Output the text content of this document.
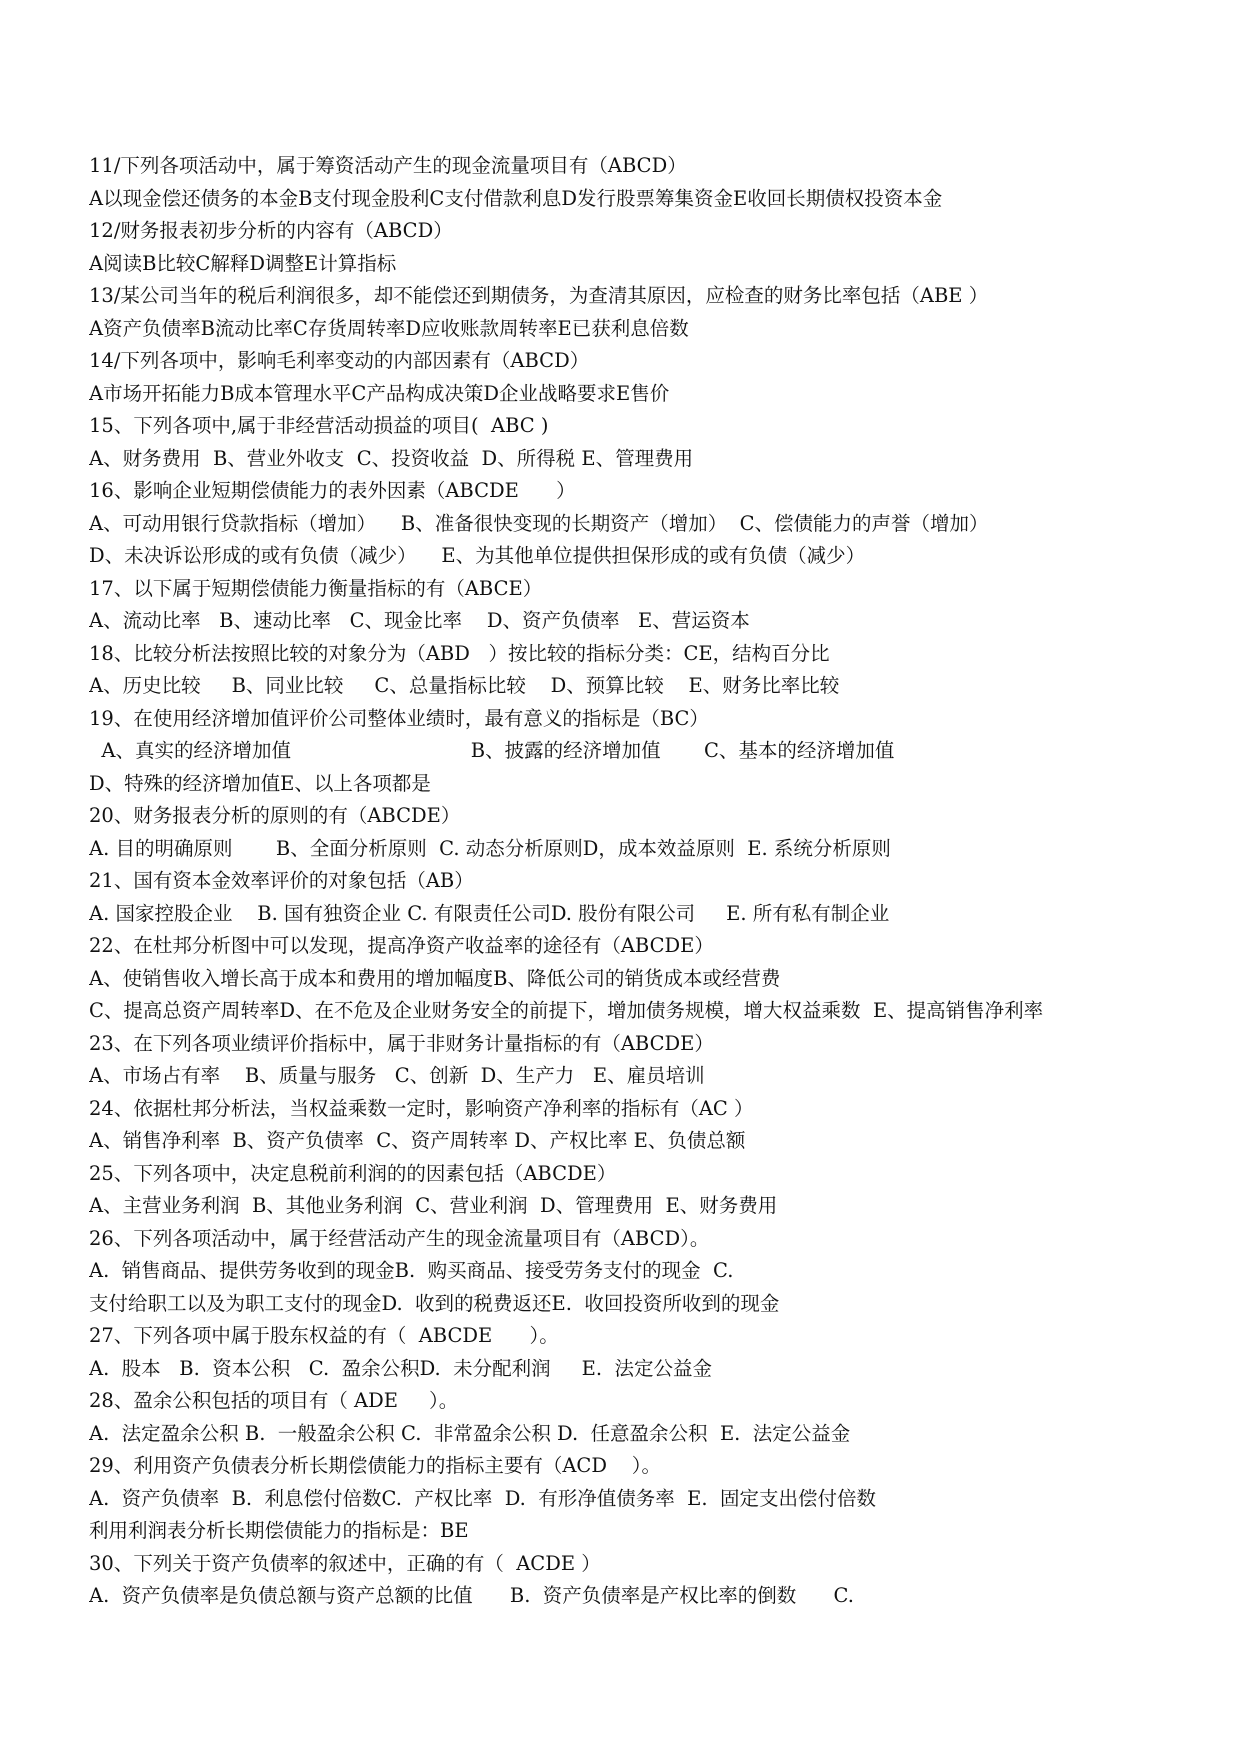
11/下列各项活动中，属于筹资活动产生的现金流量项目有（ABCD）
A以现金偿还债务的本金B支付现金股利C支付借款利息D发行股票筹集资金E收回长期债权投资本金
12/财务报表初步分析的内容有（ABCD）
A阅读B比较C解释D调整E计算指标
13/某公司当年的税后利润很多，却不能偿还到期债务，为查清其原因，应检查的财务比率包括（ABE ）
A资产负债率B流动比率C存货周转率D应收账款周转率E已获利息倍数
14/下列各项中，影响毛利率变动的内部因素有（ABCD）
A市场开拓能力B成本管理水平C产品构成决策D企业战略要求E售价
15、下列各项中,属于非经营活动损益的项目(  ABC )
A、财务费用  B、营业外收支  C、投资收益  D、所得税 E、管理费用
16、影响企业短期偿债能力的表外因素（ABCDE      ）
A、可动用银行贷款指标（增加）    B、准备很快变现的长期资产（增加）  C、偿债能力的声誉（增加）
D、未决诉讼形成的或有负债（减少）    E、为其他单位提供担保形成的或有负债（减少）
17、以下属于短期偿债能力衡量指标的有（ABCE）
A、流动比率   B、速动比率   C、现金比率    D、资产负债率   E、营运资本
18、比较分析法按照比较的对象分为（ABD   ）按比较的指标分类：CE，结构百分比
A、历史比较     B、同业比较     C、总量指标比较    D、预算比较    E、财务比率比较
19、在使用经济增加值评价公司整体业绩时，最有意义的指标是（BC）
A、真实的经济增加值                             B、披露的经济增加值       C、基本的经济增加值
D、特殊的经济增加值E、以上各项都是
20、财务报表分析的原则的有（ABCDE）
A. 目的明确原则       B、全面分析原则  C. 动态分析原则D，成本效益原则  E. 系统分析原则
21、国有资本金效率评价的对象包括（AB）
A. 国家控股企业    B. 国有独资企业 C. 有限责任公司D. 股份有限公司     E. 所有私有制企业
22、在杜邦分析图中可以发现，提高净资产收益率的途径有（ABCDE）
A、使销售收入增长高于成本和费用的增加幅度B、降低公司的销货成本或经营费
C、提高总资产周转率D、在不危及企业财务安全的前提下，增加债务规模，增大权益乘数  E、提高销售净利率
23、在下列各项业绩评价指标中，属于非财务计量指标的有（ABCDE）
A、市场占有率    B、质量与服务   C、创新  D、生产力   E、雇员培训
24、依据杜邦分析法，当权益乘数一定时，影响资产净利率的指标有（AC ）
A、销售净利率  B、资产负债率  C、资产周转率 D、产权比率 E、负债总额
25、下列各项中，决定息税前利润的的因素包括（ABCDE）
A、主营业务利润  B、其他业务利润  C、营业利润  D、管理费用  E、财务费用
26、下列各项活动中，属于经营活动产生的现金流量项目有（ABCD）。
A.  销售商品、提供劳务收到的现金B.  购买商品、接受劳务支付的现金  C.
支付给职工以及为职工支付的现金D.  收到的税费返还E.  收回投资所收到的现金
27、下列各项中属于股东权益的有（  ABCDE      ）。
A.  股本   B.  资本公积   C.  盈余公积D.  未分配利润     E.  法定公益金
28、盈余公积包括的项目有（ ADE     ）。
A.  法定盈余公积 B.  一般盈余公积 C.  非常盈余公积 D.  任意盈余公积  E.  法定公益金
29、利用资产负债表分析长期偿债能力的指标主要有（ACD    ）。
A.  资产负债率  B.  利息偿付倍数C.  产权比率  D.  有形净值债务率  E.  固定支出偿付倍数
利用利润表分析长期偿债能力的指标是：BE
30、下列关于资产负债率的叙述中，正确的有（  ACDE ）
A.  资产负债率是负债总额与资产总额的比值      B.  资产负债率是产权比率的倒数      C.
